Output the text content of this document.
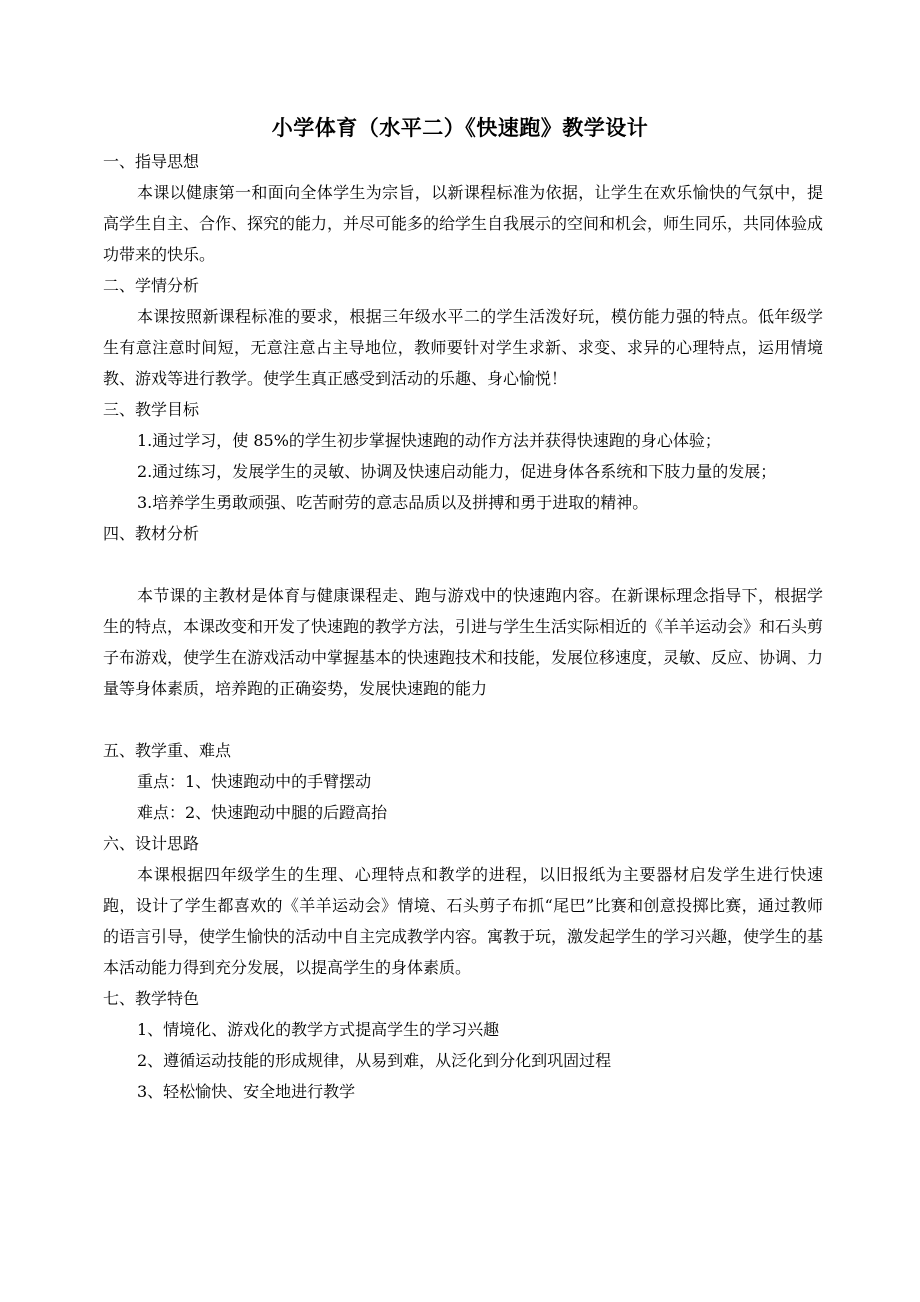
小学体育（水平二）《快速跑》教学设计

一、指导思想

本课以健康第一和面向全体学生为宗旨，以新课程标准为依据，让学生在欢乐愉快的气氛中，提高学生自主、合作、探究的能力，并尽可能多的给学生自我展示的空间和机会，师生同乐，共同体验成功带来的快乐。

二、学情分析

本课按照新课程标准的要求，根据三年级水平二的学生活泼好玩，模仿能力强的特点。低年级学生有意注意时间短，无意注意占主导地位，教师要针对学生求新、求变、求异的心理特点，运用情境教、游戏等进行教学。使学生真正感受到活动的乐趣、身心愉悦！

三、教学目标

1.通过学习，使 85%的学生初步掌握快速跑的动作方法并获得快速跑的身心体验；

2.通过练习，发展学生的灵敏、协调及快速启动能力，促进身体各系统和下肢力量的发展；

3.培养学生勇敢顽强、吃苦耐劳的意志品质以及拼搏和勇于进取的精神。

四、教材分析

本节课的主教材是体育与健康课程走、跑与游戏中的快速跑内容。在新课标理念指导下，根据学生的特点，本课改变和开发了快速跑的教学方法，引进与学生生活实际相近的《羊羊运动会》和石头剪子布游戏，使学生在游戏活动中掌握基本的快速跑技术和技能，发展位移速度，灵敏、反应、协调、力量等身体素质，培养跑的正确姿势，发展快速跑的能力

五、教学重、难点

重点：1、快速跑动中的手臂摆动

难点：2、快速跑动中腿的后蹬高抬

六、设计思路

本课根据四年级学生的生理、心理特点和教学的进程，以旧报纸为主要器材启发学生进行快速跑，设计了学生都喜欢的《羊羊运动会》情境、石头剪子布抓“尾巴”比赛和创意投掷比赛，通过教师的语言引导，使学生愉快的活动中自主完成教学内容。寓教于玩，激发起学生的学习兴趣，使学生的基本活动能力得到充分发展，以提高学生的身体素质。

七、教学特色

1、情境化、游戏化的教学方式提高学生的学习兴趣

2、遵循运动技能的形成规律，从易到难，从泛化到分化到巩固过程

3、轻松愉快、安全地进行教学
